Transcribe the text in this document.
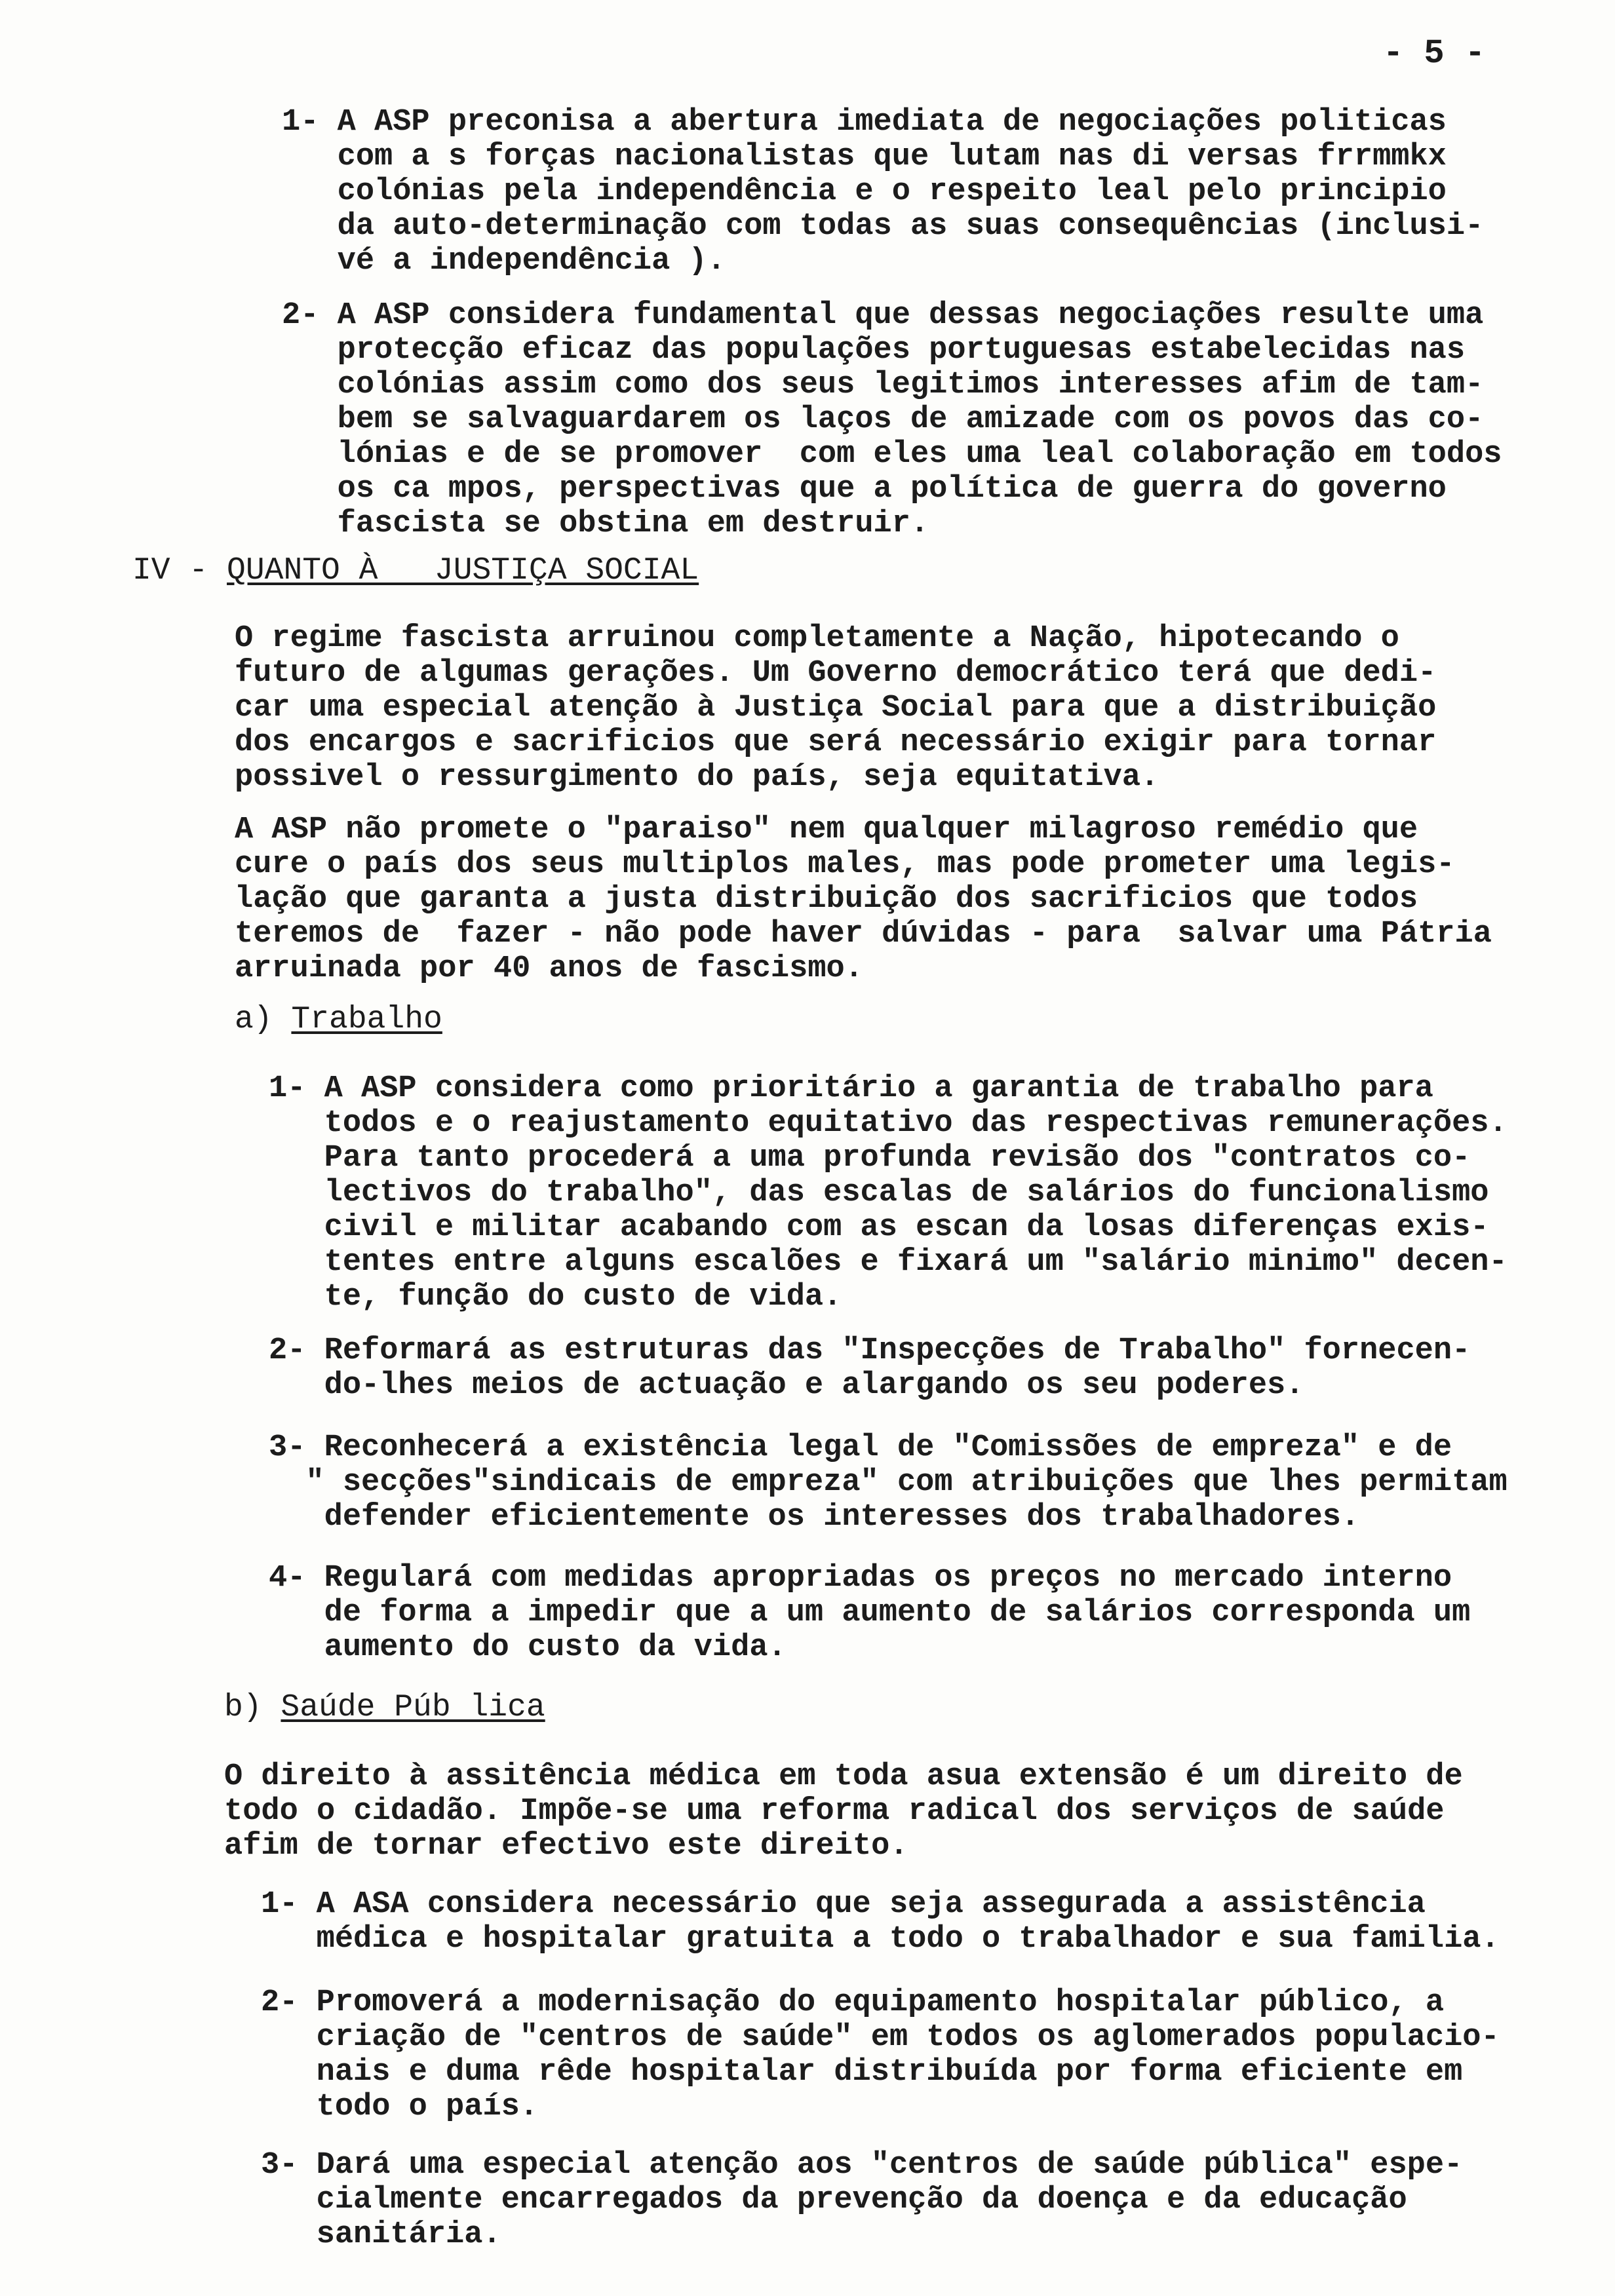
- 5 -
1- A ASP preconisa a abertura imediata de negociações politicas
com a s forças nacionalistas que lutam nas di versas frrmmkx
colónias pela independência e o respeito leal pelo principio
da auto-determinação com todas as suas consequências (inclusi-
vé a independência ).
2- A ASP considera fundamental que dessas negociações resulte uma
protecção eficaz das populações portuguesas estabelecidas nas
colónias assim como dos seus legitimos interesses afim de tam-
bem se salvaguardarem os laços de amizade com os povos das co-
lónias e de se promover  com eles uma leal colaboração em todos
os ca mpos, perspectivas que a política de guerra do governo
fascista se obstina em destruir.
IV - QUANTO À   JUSTIÇA SOCIAL
O regime fascista arruinou completamente a Nação, hipotecando o
futuro de algumas gerações. Um Governo democrático terá que dedi-
car uma especial atenção à Justiça Social para que a distribuição
dos encargos e sacrificios que será necessário exigir para tornar
possivel o ressurgimento do país, seja equitativa.
A ASP não promete o "paraiso" nem qualquer milagroso remédio que
cure o país dos seus multiplos males, mas pode prometer uma legis-
lação que garanta a justa distribuição dos sacrificios que todos
teremos de  fazer - não pode haver dúvidas - para  salvar uma Pátria
arruinada por 40 anos de fascismo.
a) Trabalho
1- A ASP considera como prioritário a garantia de trabalho para
todos e o reajustamento equitativo das respectivas remunerações.
Para tanto procederá a uma profunda revisão dos "contratos co-
lectivos do trabalho", das escalas de salários do funcionalismo
civil e militar acabando com as escan da losas diferenças exis-
tentes entre alguns escalões e fixará um "salário minimo" decen-
te, função do custo de vida.
2- Reformará as estruturas das "Inspecções de Trabalho" fornecen-
do-lhes meios de actuação e alargando os seu poderes.
3- Reconhecerá a existência legal de "Comissões de empreza" e de
" secções"sindicais de empreza" com atribuições que lhes permitam
defender eficientemente os interesses dos trabalhadores.
4- Regulará com medidas apropriadas os preços no mercado interno
de forma a impedir que a um aumento de salários corresponda um
aumento do custo da vida.
b) Saúde Púb lica
O direito à assitência médica em toda asua extensão é um direito de
todo o cidadão. Impõe-se uma reforma radical dos serviços de saúde
afim de tornar efectivo este direito.
1- A ASA considera necessário que seja assegurada a assistência
médica e hospitalar gratuita a todo o trabalhador e sua familia.
2- Promoverá a modernisação do equipamento hospitalar público, a
criação de "centros de saúde" em todos os aglomerados populacio-
nais e duma rêde hospitalar distribuída por forma eficiente em
todo o país.
3- Dará uma especial atenção aos "centros de saúde pública" espe-
cialmente encarregados da prevenção da doença e da educação
sanitária.
